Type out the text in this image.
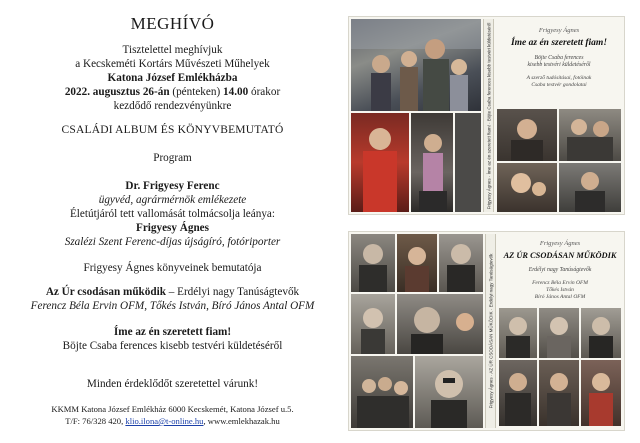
MEGHÍVÓ
Tisztelettel meghívjuk
a Kecskeméti Kortárs Művészeti Műhelyek
Katona József Emlékházba
2022. augusztus 26-án (pénteken) 14.00 órakor
kezdődő rendezvényünkre
CSALÁDI ALBUM ÉS KÖNYVBEMUTATÓ
Program
Dr. Frigyesy Ferenc
ügyvéd, agrármérnök emlékezete
Életútjáról tett vallomását tolmácsolja leánya:
Frigyesy Ágnes
Szalézi Szent Ferenc-díjas újságíró, fotóriporter
Frigyesy Ágnes könyveinek bemutatója
Az Úr csodásan működik – Erdélyi nagy Tanúságtevők
Ferencz Béla Ervin OFM, Tőkés István, Bíró János Antal OFM
Íme az én szeretett fiam!
Böjte Csaba ferences kisebb testvéri küldetéséről
Minden érdeklődőt szeretettel várunk!
KKMM Katona József Emlékház 6000 Kecskemét, Katona József u.5.
T/F: 76/328 420, klio.ilona@t-online.hu, www.emlekhazak.hu
Frigyesy Ágnes · Íme az én szeretett fiam! · Böjte Csaba ferences kisebb testvéri küldetéséről	Frigyesy Ágnes
Íme az én szeretett fiam!
Böjte Csaba ferences
kisebb testvéri küldetéséről
A szerző tudósításai, fotóinak
Csaba testvér gondolatai
Frigyesy Ágnes · AZ ÚR CSODÁSAN MŰKÖDIK · Erdélyi nagy Tanúságtevők
Frigyesy Ágnes
AZ ÚR CSODÁSAN MŰKÖDIK
Erdélyi nagy Tanúságtevők
Ferencz Béla Ervin OFM
Tőkés István
Bíró János Antal OFM
